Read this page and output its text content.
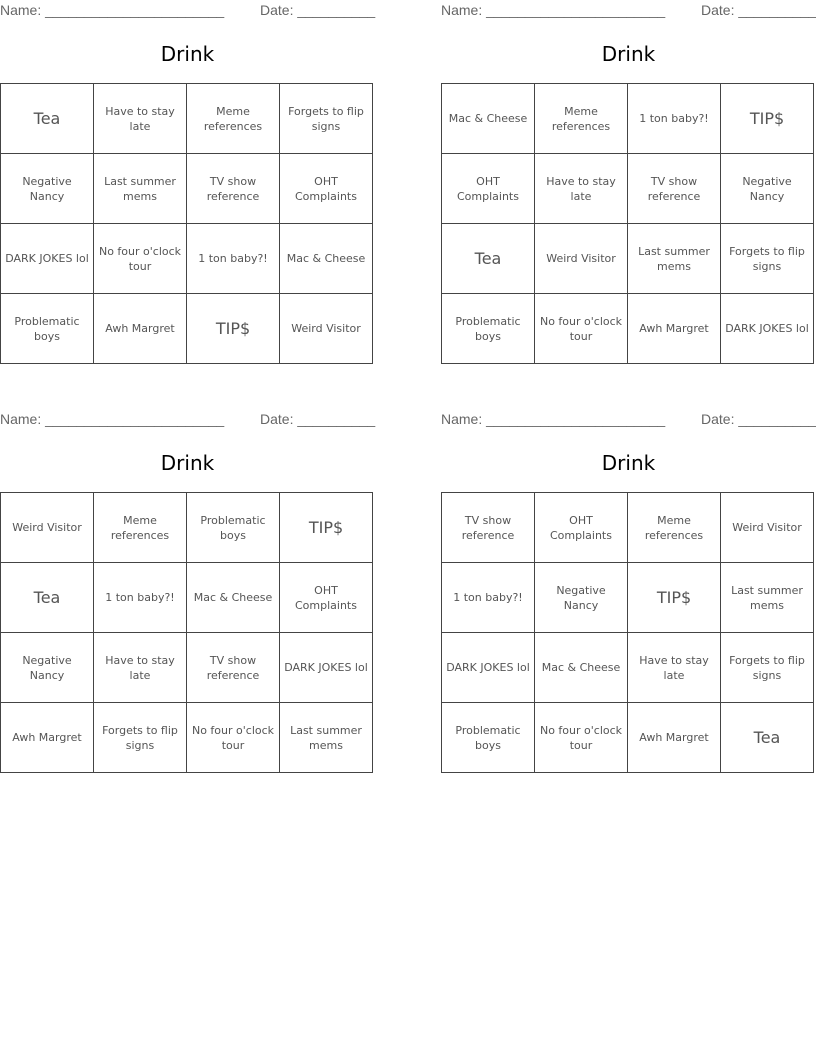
Name: _______________________	Date: __________
Drink
Tea	Have to stay late	Meme references	Forgets to flip signs
Negative Nancy	Last summer mems	TV show reference	OHT Complaints
DARK JOKES lol	No four o'clock tour	1 ton baby?!	Mac & Cheese
Problematic boys	Awh Margret	TIP$	Weird Visitor
Name: _______________________	Date: __________
Drink
Mac & Cheese	Meme references	1 ton baby?!	TIP$
OHT Complaints	Have to stay late	TV show reference	Negative Nancy
Tea	Weird Visitor	Last summer mems	Forgets to flip signs
Problematic boys	No four o'clock tour	Awh Margret	DARK JOKES lol
Name: _______________________	Date: __________
Drink
Weird Visitor	Meme references	Problematic boys	TIP$
Tea	1 ton baby?!	Mac & Cheese	OHT Complaints
Negative Nancy	Have to stay late	TV show reference	DARK JOKES lol
Awh Margret	Forgets to flip signs	No four o'clock tour	Last summer mems
Name: _______________________	Date: __________
Drink
TV show reference	OHT Complaints	Meme references	Weird Visitor
1 ton baby?!	Negative Nancy	TIP$	Last summer mems
DARK JOKES lol	Mac & Cheese	Have to stay late	Forgets to flip signs
Problematic boys	No four o'clock tour	Awh Margret	Tea
